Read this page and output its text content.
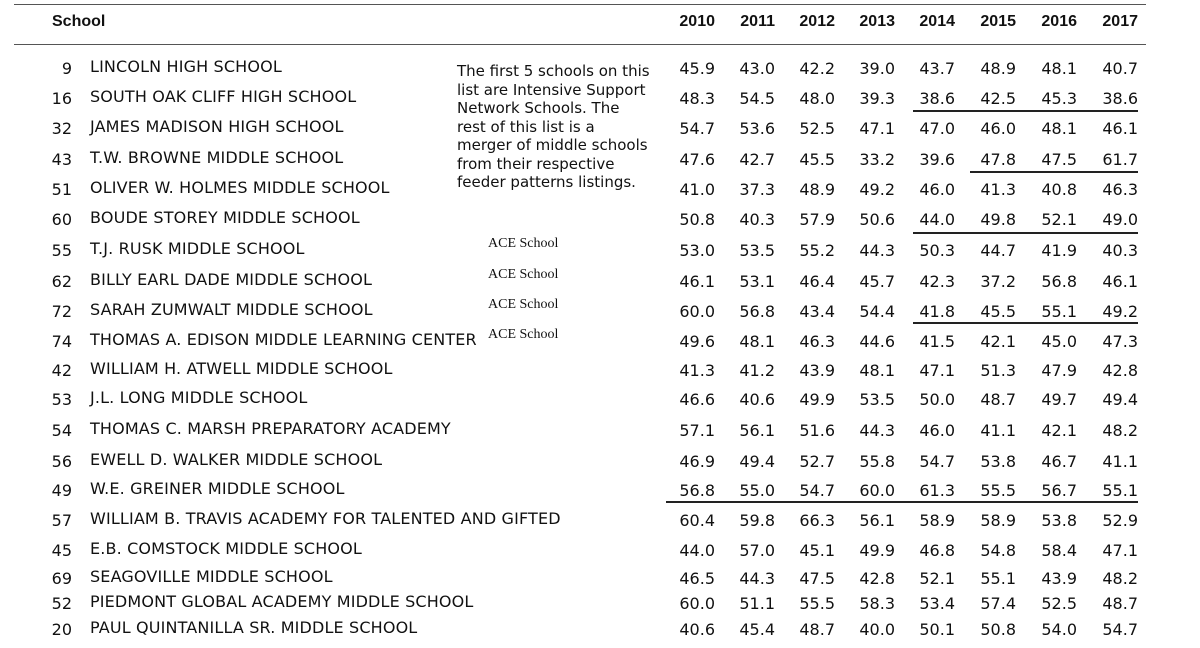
School	2010	2011	2012	2013	2014	2015	2016	2017
The first 5 schools on this list are Intensive Support Network Schools. The rest of this list is a merger of middle schools from their respective feeder patterns listings.
9 LINCOLN HIGH SCHOOL	45.9	43.0	42.2	39.0	43.7	48.9	48.1	40.7
16 SOUTH OAK CLIFF HIGH SCHOOL	48.3	54.5	48.0	39.3	38.6	42.5	45.3	38.6
32 JAMES MADISON HIGH SCHOOL	54.7	53.6	52.5	47.1	47.0	46.0	48.1	46.1
43 T.W. BROWNE MIDDLE SCHOOL	47.6	42.7	45.5	33.2	39.6	47.8	47.5	61.7
51 OLIVER W. HOLMES MIDDLE SCHOOL	41.0	37.3	48.9	49.2	46.0	41.3	40.8	46.3
60 BOUDE STOREY MIDDLE SCHOOL	50.8	40.3	57.9	50.6	44.0	49.8	52.1	49.0
55 T.J. RUSK MIDDLE SCHOOL	ACE School	53.0	53.5	55.2	44.3	50.3	44.7	41.9	40.3
62 BILLY EARL DADE MIDDLE SCHOOL	ACE School	46.1	53.1	46.4	45.7	42.3	37.2	56.8	46.1
72 SARAH ZUMWALT MIDDLE SCHOOL	ACE School	60.0	56.8	43.4	54.4	41.8	45.5	55.1	49.2
74 THOMAS A. EDISON MIDDLE LEARNING CENTER ACE School	49.6	48.1	46.3	44.6	41.5	42.1	45.0	47.3
42 WILLIAM H. ATWELL MIDDLE SCHOOL	41.3	41.2	43.9	48.1	47.1	51.3	47.9	42.8
53 J.L. LONG MIDDLE SCHOOL	46.6	40.6	49.9	53.5	50.0	48.7	49.7	49.4
54 THOMAS C. MARSH PREPARATORY ACADEMY	57.1	56.1	51.6	44.3	46.0	41.1	42.1	48.2
56 EWELL D. WALKER MIDDLE SCHOOL	46.9	49.4	52.7	55.8	54.7	53.8	46.7	41.1
49 W.E. GREINER MIDDLE SCHOOL	56.8	55.0	54.7	60.0	61.3	55.5	56.7	55.1
57 WILLIAM B. TRAVIS ACADEMY FOR TALENTED AND GIFTED	60.4	59.8	66.3	56.1	58.9	58.9	53.8	52.9
45 E.B. COMSTOCK MIDDLE SCHOOL	44.0	57.0	45.1	49.9	46.8	54.8	58.4	47.1
69 SEAGOVILLE MIDDLE SCHOOL	46.5	44.3	47.5	42.8	52.1	55.1	43.9	48.2
52 PIEDMONT GLOBAL ACADEMY MIDDLE SCHOOL	60.0	51.1	55.5	58.3	53.4	57.4	52.5	48.7
20 PAUL QUINTANILLA SR. MIDDLE SCHOOL	40.6	45.4	48.7	40.0	50.1	50.8	54.0	54.7
